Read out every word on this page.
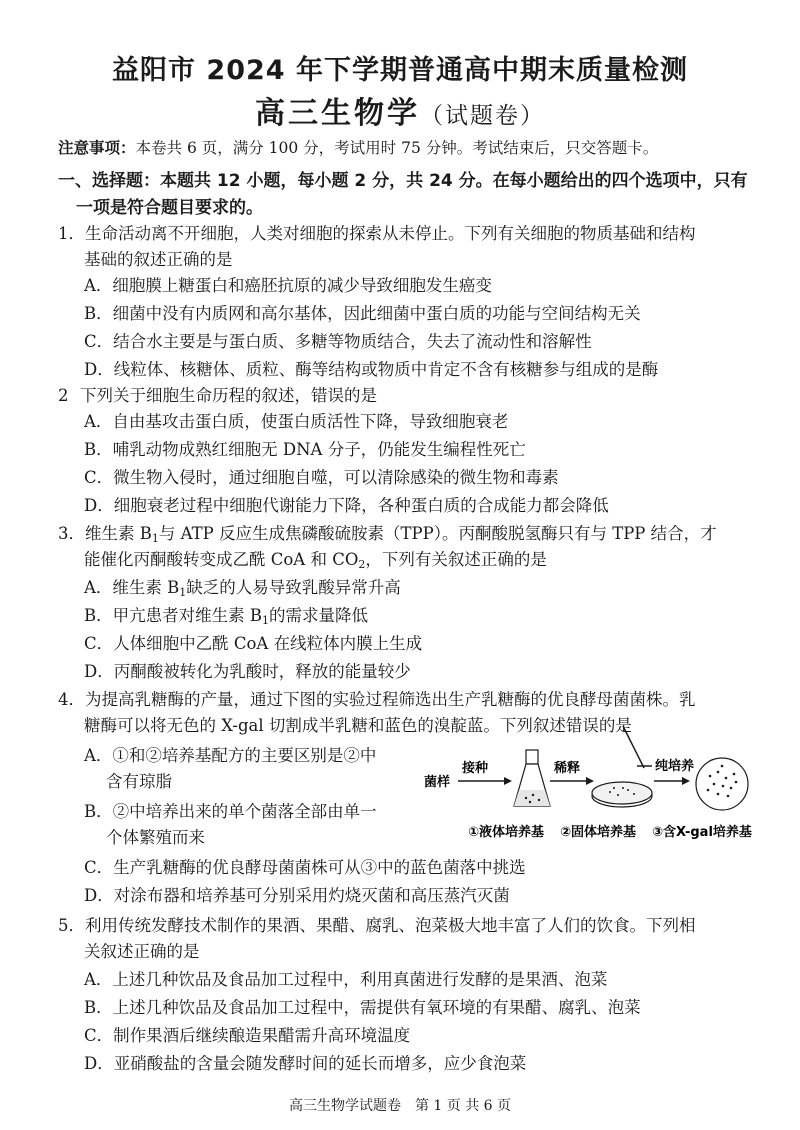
益阳市 2024 年下学期普通高中期末质量检测
高三生物学（试题卷）
注意事项：本卷共 6 页，满分 100 分，考试用时 75 分钟。考试结束后，只交答题卡。
一、选择题：本题共 12 小题，每小题 2 分，共 24 分。在每小题给出的四个选项中，只有
一项是符合题目要求的。
1．生命活动离不开细胞，人类对细胞的探索从未停止。下列有关细胞的物质基础和结构
基础的叙述正确的是
A．细胞膜上糖蛋白和癌胚抗原的减少导致细胞发生癌变
B．细菌中没有内质网和高尔基体，因此细菌中蛋白质的功能与空间结构无关
C．结合水主要是与蛋白质、多糖等物质结合，失去了流动性和溶解性
D．线粒体、核糖体、质粒、酶等结构或物质中肯定不含有核糖参与组成的是酶
2 下列关于细胞生命历程的叙述，错误的是
A．自由基攻击蛋白质，使蛋白质活性下降，导致细胞衰老
B．哺乳动物成熟红细胞无 DNA 分子，仍能发生编程性死亡
C．微生物入侵时，通过细胞自噬，可以清除感染的微生物和毒素
D．细胞衰老过程中细胞代谢能力下降，各种蛋白质的合成能力都会降低
3．维生素 $B_1$与 ATP 反应生成焦磷酸硫胺素（TPP）。丙酮酸脱氢酶只有与 TPP 结合，才
能催化丙酮酸转变成乙酰 CoA 和 $CO_2$，下列有关叙述正确的是
A．维生素 $B_1$缺乏的人易导致乳酸异常升高
B．甲亢患者对维生素 $B_1$的需求量降低
C．人体细胞中乙酰 CoA 在线粒体内膜上生成
D．丙酮酸被转化为乳酸时，释放的能量较少
4．为提高乳糖酶的产量，通过下图的实验过程筛选出生产乳糖酶的优良酵母菌菌株。乳
糖酶可以将无色的 X-gal 切割成半乳糖和蓝色的溴靛蓝。下列叙述错误的是
A．①和②培养基配方的主要区别是②中
含有琼脂
B．②中培养出来的单个菌落全部由单一
个体繁殖而来
C．生产乳糖酶的优良酵母菌菌株可从③中的蓝色菌落中挑选
D．对涂布器和培养基可分别采用灼烧灭菌和高压蒸汽灭菌
菌样
接种	稀释	纯培养
①液体培养基 ②固体培养基 ③含X-gal培养基
5．利用传统发酵技术制作的果酒、果醋、腐乳、泡菜极大地丰富了人们的饮食。下列相
关叙述正确的是
A．上述几种饮品及食品加工过程中，利用真菌进行发酵的是果酒、泡菜
B．上述几种饮品及食品加工过程中，需提供有氧环境的有果醋、腐乳、泡菜
C．制作果酒后继续酿造果醋需升高环境温度
D．亚硝酸盐的含量会随发酵时间的延长而增多，应少食泡菜
高三生物学试题卷　第 1 页 共 6 页
